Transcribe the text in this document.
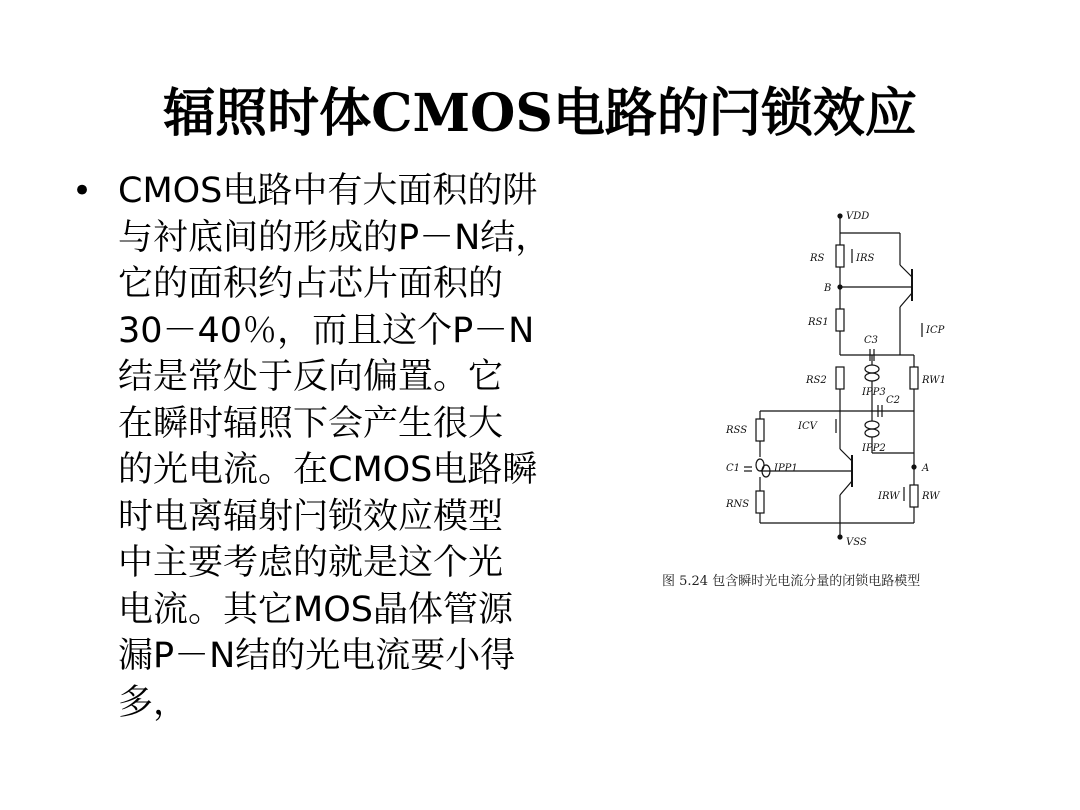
辐照时体CMOS电路的闩锁效应
• CMOS电路中有大面积的阱
与衬底间的形成的P－N结，
它的面积约占芯片面积的
30－40％，而且这个P－N
结是常处于反向偏置。它
在瞬时辐照下会产生很大
的光电流。在CMOS电路瞬
时电离辐射闩锁效应模型
中主要考虑的就是这个光
电流。其它MOS晶体管源
漏P－N结的光电流要小得
多，
VDD
RS	IRS
B
RS1
C3
ICP
RS2
IPP3
RW1
C2
RSS	ICV
IPP2
C1	IPP1	A
RNS
IRW RW
VSS
图 5.24 包含瞬时光电流分量的闭锁电路模型
